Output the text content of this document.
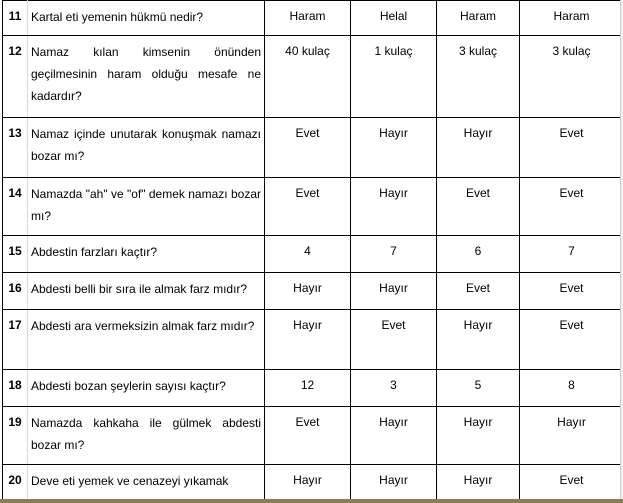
11	Kartal eti yemenin hükmü nedir?	Haram	Helal	Haram	Haram
12	Namaz kılan kimsenin önünden geçilmesinin haram olduğu mesafe ne kadardır?	40 kulaç	1 kulaç	3 kulaç	3 kulaç
13	Namaz içinde unutarak konuşmak namazı bozar mı?	Evet	Hayır	Hayır	Evet
14	Namazda "ah" ve "of" demek namazı bozar mı?	Evet	Hayır	Evet	Evet
15	Abdestin farzları kaçtır?	4	7	6	7
16	Abdesti belli bir sıra ile almak farz mıdır?	Hayır	Hayır	Evet	Evet
17	Abdesti ara vermeksizin almak farz mıdır?	Hayır	Evet	Hayır	Evet
18	Abdesti bozan şeylerin sayısı kaçtır?	12	3	5	8
19	Namazda kahkaha ile gülmek abdesti bozar mı?	Evet	Hayır	Hayır	Hayır
20	Deve eti yemek ve cenazeyi yıkamak	Hayır	Hayır	Hayır	Evet
